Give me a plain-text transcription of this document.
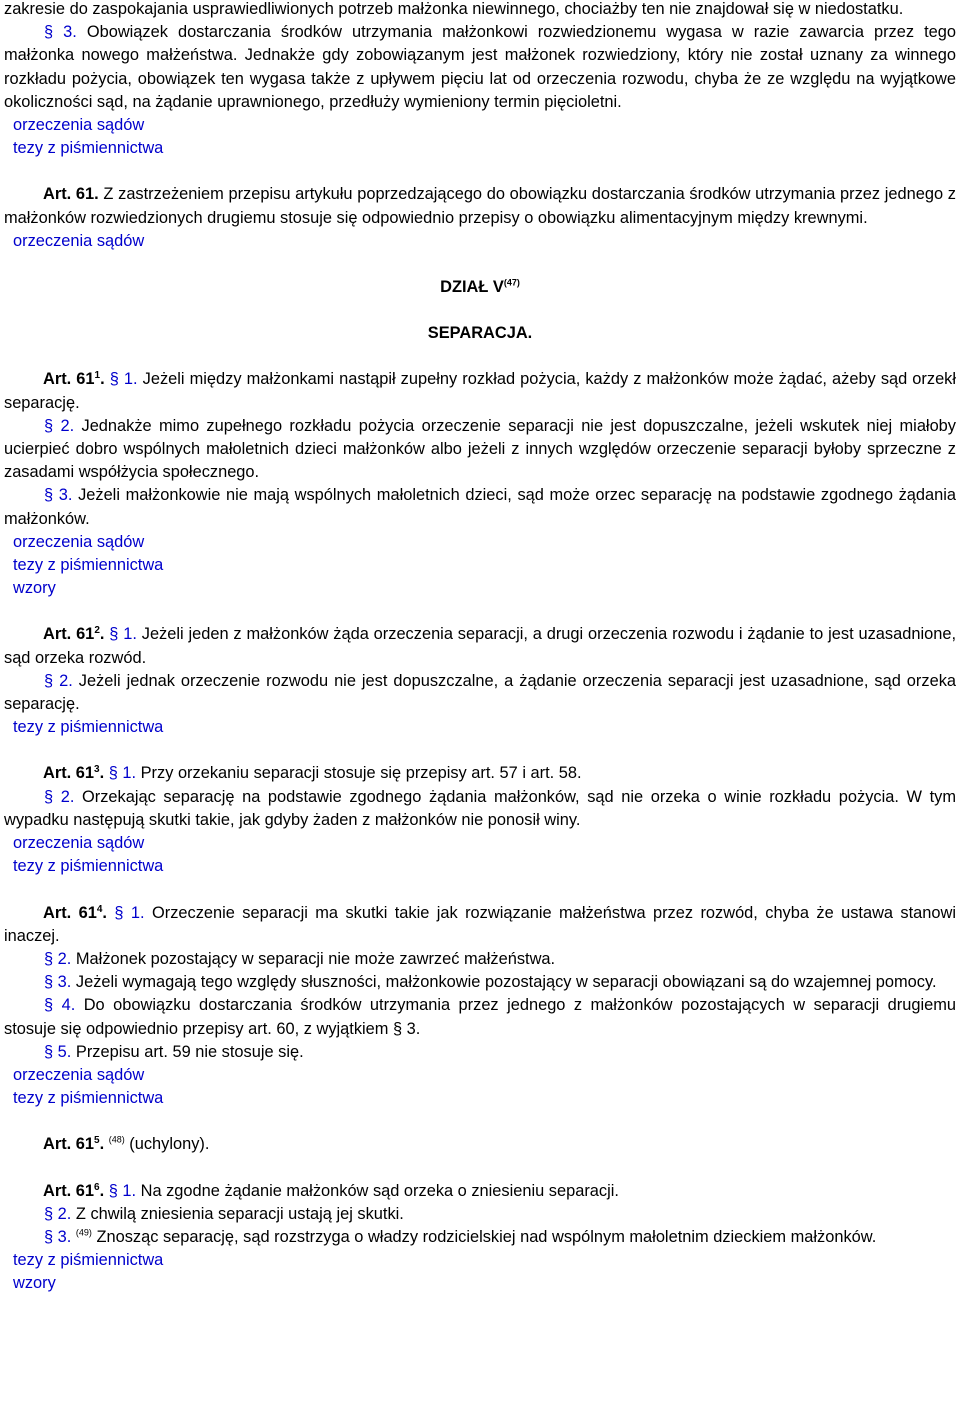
zakresie do zaspokajania usprawiedliwionych potrzeb małżonka niewinnego, chociażby ten nie znajdował się w niedostatku.

§ 3. Obowiązek dostarczania środków utrzymania małżonkowi rozwiedzionemu wygasa w razie zawarcia przez tego małżonka nowego małżeństwa. Jednakże gdy zobowiązanym jest małżonek rozwiedziony, który nie został uznany za winnego rozkładu pożycia, obowiązek ten wygasa także z upływem pięciu lat od orzeczenia rozwodu, chyba że ze względu na wyjątkowe okoliczności sąd, na żądanie uprawnionego, przedłuży wymieniony termin pięcioletni.

orzeczenia sądów
tezy z piśmiennictwa

Art. 61. Z zastrzeżeniem przepisu artykułu poprzedzającego do obowiązku dostarczania środków utrzymania przez jednego z małżonków rozwiedzionych drugiemu stosuje się odpowiednio przepisy o obowiązku alimentacyjnym między krewnymi.

orzeczenia sądów

DZIAŁ $V^{(47)}$

SEPARACJA.

Art. $61^1$. § 1. Jeżeli między małżonkami nastąpił zupełny rozkład pożycia, każdy z małżonków może żądać, ażeby sąd orzekł separację.

§ 2. Jednakże mimo zupełnego rozkładu pożycia orzeczenie separacji nie jest dopuszczalne, jeżeli wskutek niej miałoby ucierpieć dobro wspólnych małoletnich dzieci małżonków albo jeżeli z innych względów orzeczenie separacji byłoby sprzeczne z zasadami współżycia społecznego.

§ 3. Jeżeli małżonkowie nie mają wspólnych małoletnich dzieci, sąd może orzec separację na podstawie zgodnego żądania małżonków.

orzeczenia sądów
tezy z piśmiennictwa
wzory

Art. $61^2$. § 1. Jeżeli jeden z małżonków żąda orzeczenia separacji, a drugi orzeczenia rozwodu i żądanie to jest uzasadnione, sąd orzeka rozwód.

§ 2. Jeżeli jednak orzeczenie rozwodu nie jest dopuszczalne, a żądanie orzeczenia separacji jest uzasadnione, sąd orzeka separację.

tezy z piśmiennictwa

Art. $61^3$. § 1. Przy orzekaniu separacji stosuje się przepisy art. 57 i art. 58.

§ 2. Orzekając separację na podstawie zgodnego żądania małżonków, sąd nie orzeka o winie rozkładu pożycia. W tym wypadku następują skutki takie, jak gdyby żaden z małżonków nie ponosił winy.

orzeczenia sądów
tezy z piśmiennictwa

Art. $61^4$. § 1. Orzeczenie separacji ma skutki takie jak rozwiązanie małżeństwa przez rozwód, chyba że ustawa stanowi inaczej.

§ 2. Małżonek pozostający w separacji nie może zawrzeć małżeństwa.

§ 3. Jeżeli wymagają tego względy słuszności, małżonkowie pozostający w separacji obowiązani są do wzajemnej pomocy.

§ 4. Do obowiązku dostarczania środków utrzymania przez jednego z małżonków pozostających w separacji drugiemu stosuje się odpowiednio przepisy art. 60, z wyjątkiem § 3.

§ 5. Przepisu art. 59 nie stosuje się.

orzeczenia sądów
tezy z piśmiennictwa

Art. $61^5$. $^{(48)}$ (uchylony).

Art. $61^6$. § 1. Na zgodne żądanie małżonków sąd orzeka o zniesieniu separacji.

§ 2. Z chwilą zniesienia separacji ustają jej skutki.

§ 3. $^{(49)}$ Znosząc separację, sąd rozstrzyga o władzy rodzicielskiej nad wspólnym małoletnim dzieckiem małżonków.

tezy z piśmiennictwa
wzory
